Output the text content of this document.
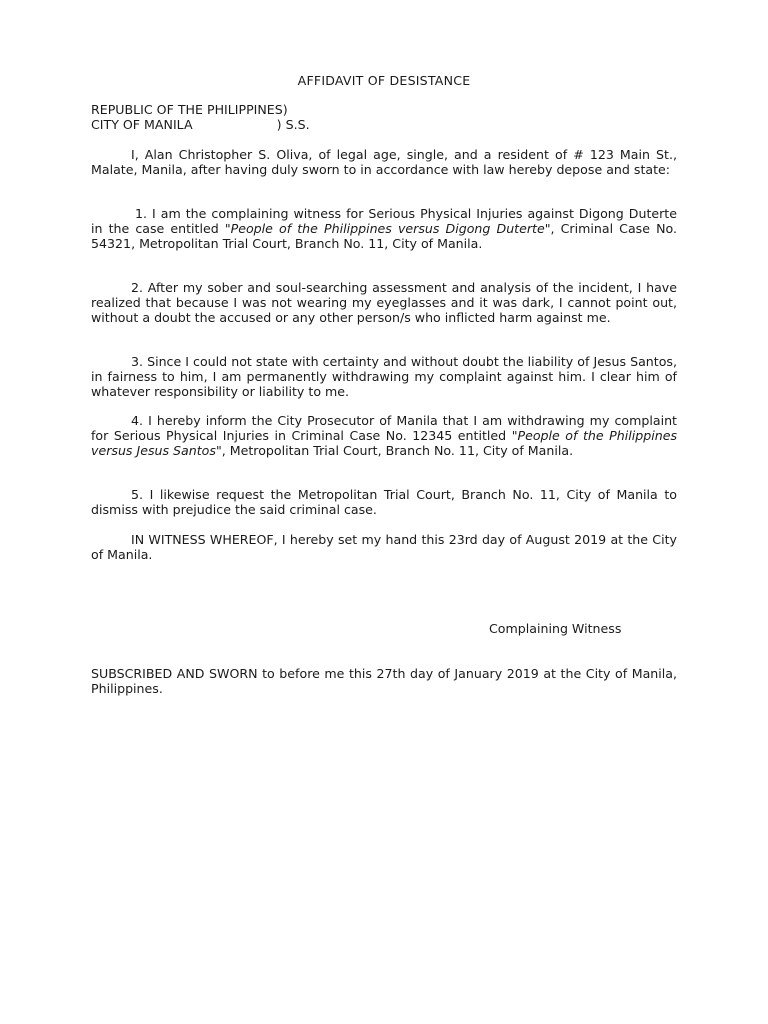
AFFIDAVIT OF DESISTANCE
REPUBLIC OF THE PHILIPPINES)
CITY OF MANILA                     ) S.S.

I, Alan Christopher S. Oliva, of legal age, single, and a resident of # 123 Main St., Malate, Manila, after having duly sworn to in accordance with law hereby depose and state:

1. I am the complaining witness for Serious Physical Injuries against Digong Duterte in the case entitled "People of the Philippines versus Digong Duterte", Criminal Case No. 54321, Metropolitan Trial Court, Branch No. 11, City of Manila.

2. After my sober and soul-searching assessment and analysis of the incident, I have realized that because I was not wearing my eyeglasses and it was dark, I cannot point out, without a doubt the accused or any other person/s who inflicted harm against me.

3. Since I could not state with certainty and without doubt the liability of Jesus Santos, in fairness to him, I am permanently withdrawing my complaint against him. I clear him of whatever responsibility or liability to me.

4. I hereby inform the City Prosecutor of Manila that I am withdrawing my complaint for Serious Physical Injuries in Criminal Case No. 12345 entitled "People of the Philippines versus Jesus Santos", Metropolitan Trial Court, Branch No. 11, City of Manila.

5. I likewise request the Metropolitan Trial Court, Branch No. 11, City of Manila to dismiss with prejudice the said criminal case.

IN WITNESS WHEREOF, I hereby set my hand this 23rd day of August 2019 at the City of Manila.

Complaining Witness

SUBSCRIBED AND SWORN to before me this 27th day of January 2019 at the City of Manila, Philippines.
